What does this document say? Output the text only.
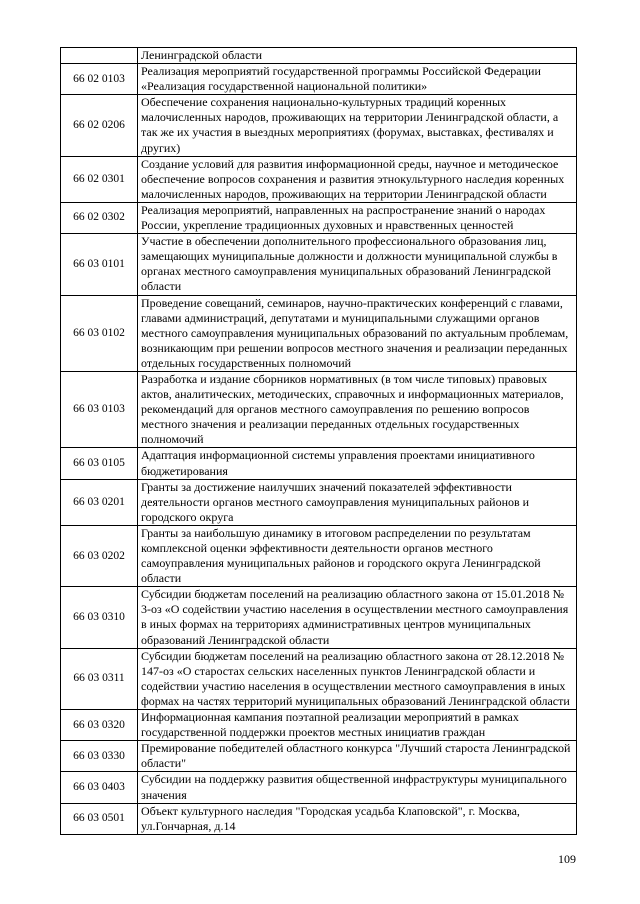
	Ленинградской области
66 02 0103	Реализация мероприятий государственной программы Российской Федерации «Реализация государственной национальной политики»
66 02 0206	Обеспечение сохранения национально-культурных традиций коренных малочисленных народов, проживающих на территории Ленинградской области, а так же их участия в выездных мероприятиях (форумах, выставках, фестивалях и других)
66 02 0301	Создание условий для развития информационной среды, научное и методическое обеспечение вопросов сохранения и развития этнокультурного наследия коренных малочисленных народов, проживающих на территории Ленинградской области
66 02 0302	Реализация мероприятий, направленных на распространение знаний о народах России, укрепление традиционных духовных и нравственных ценностей
66 03 0101	Участие в обеспечении дополнительного профессионального образования лиц, замещающих муниципальные должности и должности муниципальной службы в органах местного самоуправления муниципальных образований Ленинградской области
66 03 0102	Проведение совещаний, семинаров, научно-практических конференций с главами, главами администраций, депутатами и муниципальными служащими органов местного самоуправления муниципальных образований по актуальным проблемам, возникающим при решении вопросов местного значения и реализации переданных отдельных государственных полномочий
66 03 0103	Разработка и издание сборников нормативных (в том числе типовых) правовых актов, аналитических, методических, справочных и информационных материалов, рекомендаций для органов местного самоуправления по решению вопросов местного значения и реализации переданных отдельных государственных полномочий
66 03 0105	Адаптация информационной системы управления проектами инициативного бюджетирования
66 03 0201	Гранты за достижение наилучших значений показателей эффективности деятельности органов местного самоуправления муниципальных районов и городского округа
66 03 0202	Гранты за наибольшую динамику в итоговом распределении по результатам комплексной оценки эффективности деятельности органов местного самоуправления муниципальных районов и городского округа Ленинградской области
66 03 0310	Субсидии бюджетам поселений на реализацию областного закона от 15.01.2018 № 3-оз «О содействии участию населения в осуществлении местного самоуправления в иных формах на территориях административных центров муниципальных образований Ленинградской области
66 03 0311	Субсидии бюджетам поселений на реализацию областного закона от 28.12.2018 № 147-оз «О старостах сельских населенных пунктов Ленинградской области и содействии участию населения в осуществлении местного самоуправления в иных формах на частях территорий муниципальных образований Ленинградской области
66 03 0320	Информационная кампания поэтапной реализации мероприятий в рамках государственной поддержки проектов местных инициатив граждан
66 03 0330	Премирование победителей областного конкурса "Лучший староста Ленинградской области"
66 03 0403	Субсидии на поддержку развития общественной инфраструктуры муниципального значения
66 03 0501	Объект культурного наследия "Городская усадьба Клаповской", г. Москва, ул.Гончарная, д.14
109
